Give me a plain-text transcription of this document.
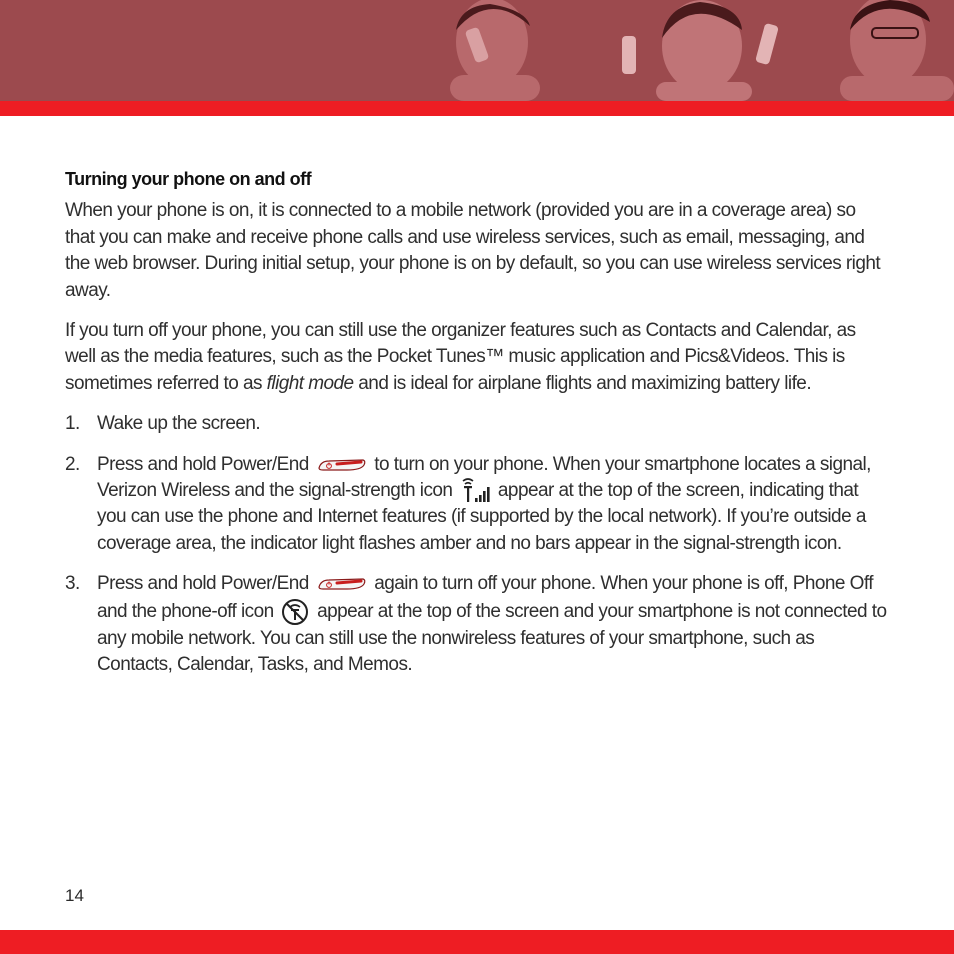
Turning your phone on and off

When your phone is on, it is connected to a mobile network (provided you are in a coverage area) so that you can make and receive phone calls and use wireless services, such as email, messaging, and the web browser. During initial setup, your phone is on by default, so you can use wireless services right away.

If you turn off your phone, you can still use the organizer features such as Contacts and Calendar, as well as the media features, such as the Pocket Tunes™ music application and Pics&Videos. This is sometimes referred to as flight mode and is ideal for airplane flights and maximizing battery life.

1. Wake up the screen.
2. Press and hold Power/End	to turn on your phone. When your smartphone locates a signal, Verizon Wireless and the signal-strength icon  appear at the top of the screen, indicating that you can use the phone and Internet features (if supported by the local network). If you’re outside a coverage area, the indicator light flashes amber and no bars appear in the signal-strength icon.
3. Press and hold Power/End	again to turn off your phone. When your phone is off, Phone Off and the phone-off icon  appear at the top of the screen and your smartphone is not connected to any mobile network. You can still use the nonwireless features of your smartphone, such as Contacts, Calendar, Tasks, and Memos.
14
